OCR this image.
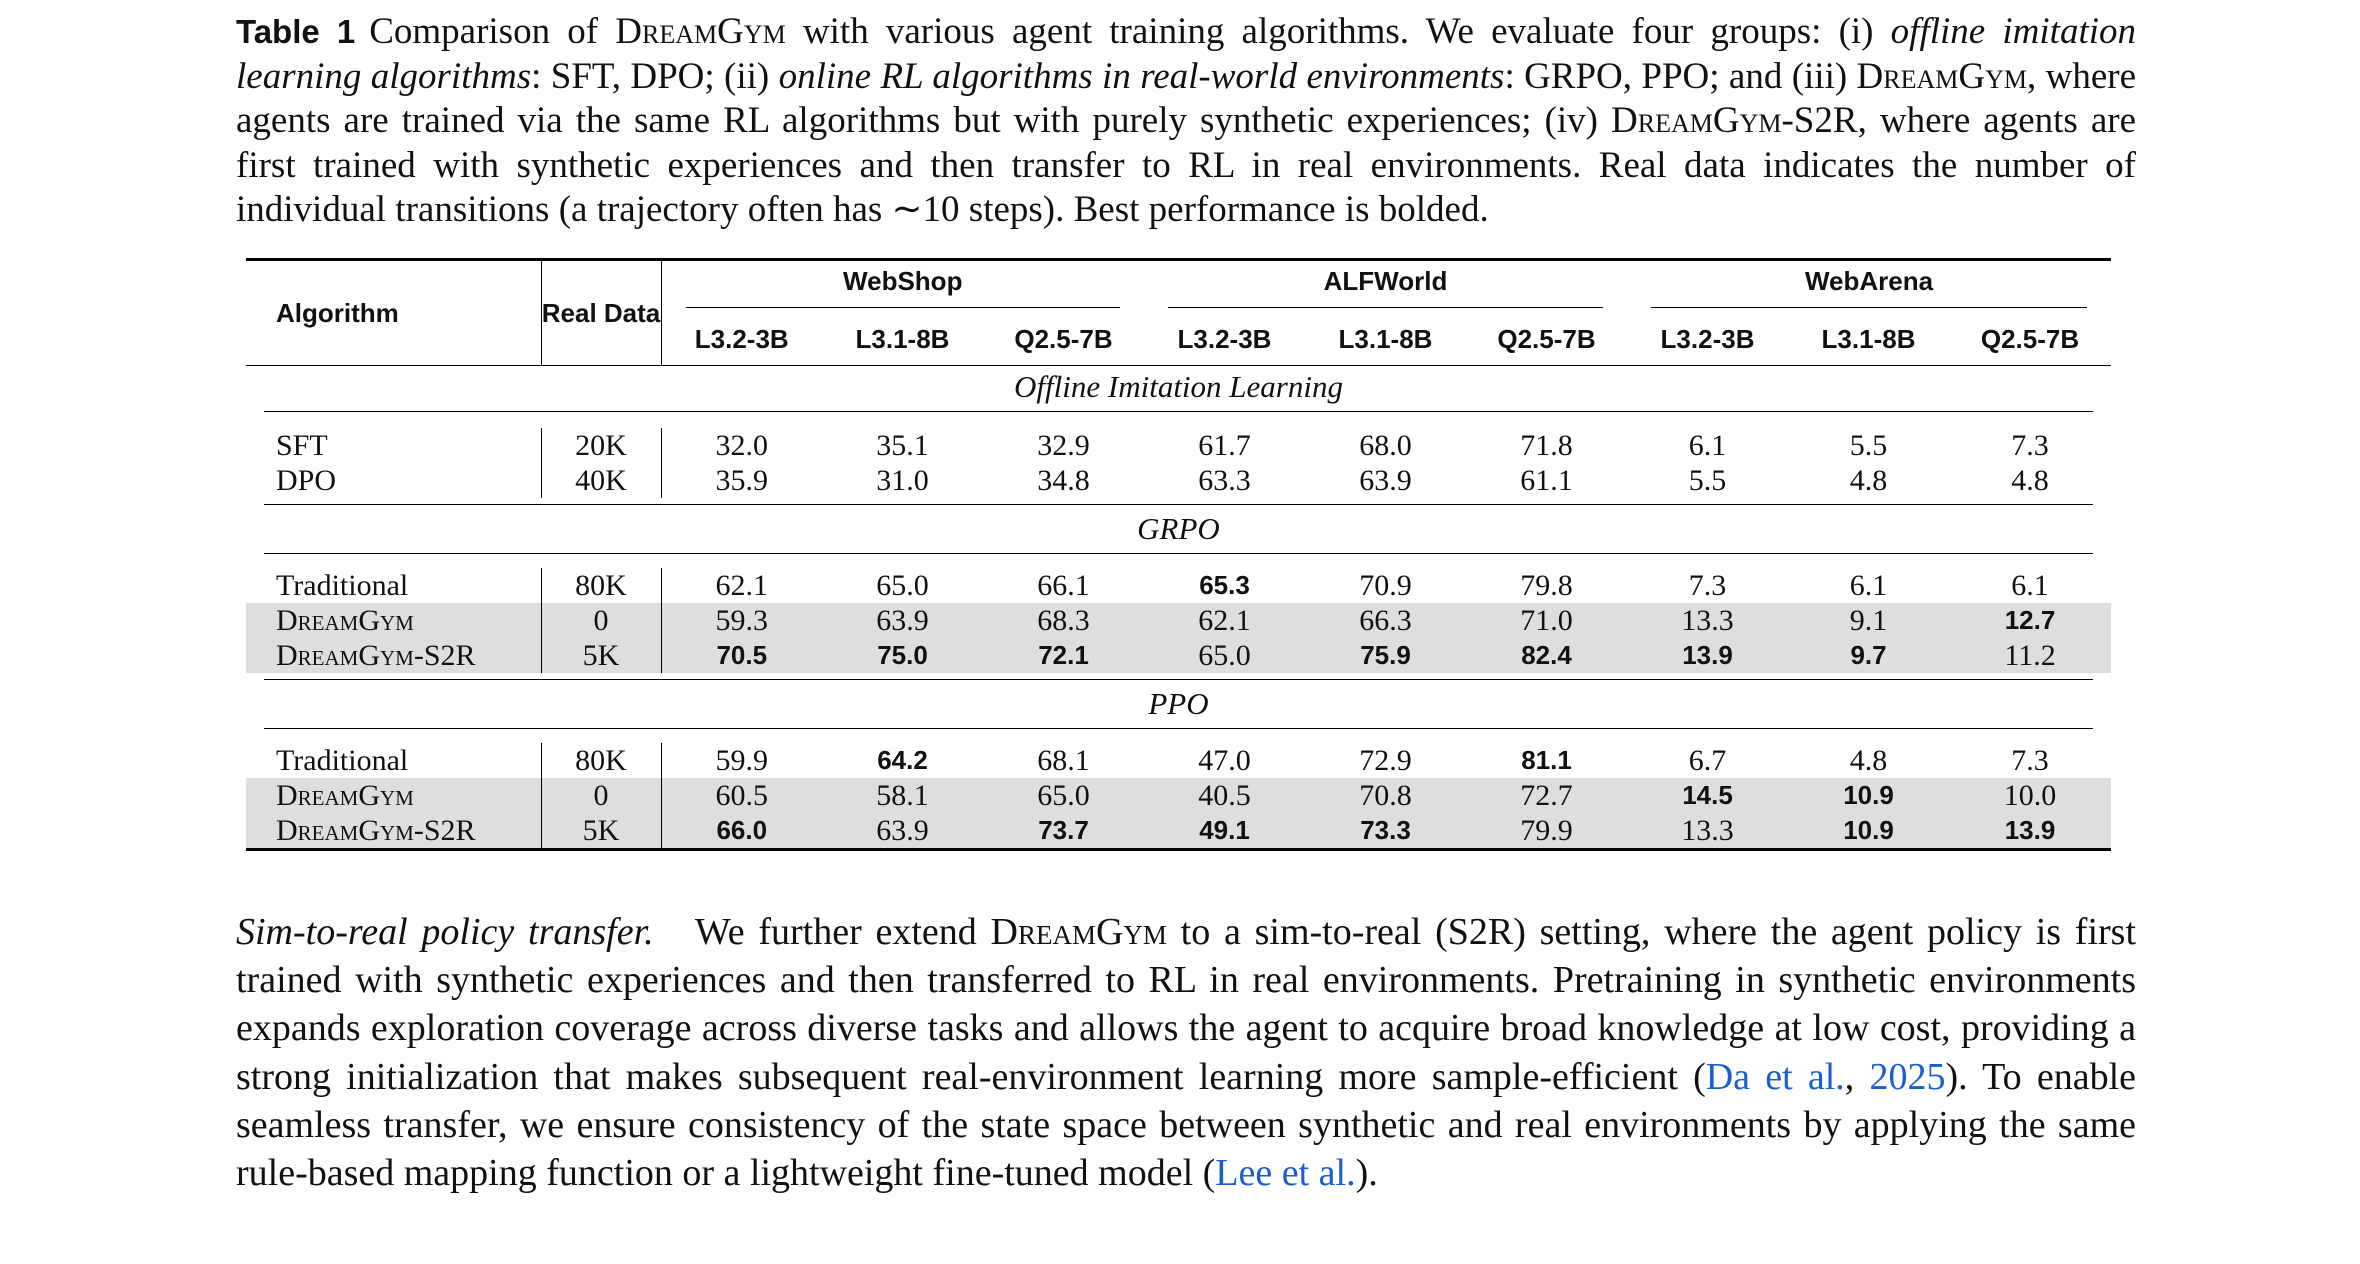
Table 1 Comparison of DreamGym with various agent training algorithms. We evaluate four groups: (i) offline imitation learning algorithms: SFT, DPO; (ii) online RL algorithms in real-world environments: GRPO, PPO; and (iii) DreamGym, where agents are trained via the same RL algorithms but with purely synthetic experiences; (iv) DreamGym-S2R, where agents are first trained with synthetic experiences and then transfer to RL in real environments. Real data indicates the number of individual transitions (a trajectory often has ∼10 steps). Best performance is bolded.
Algorithm	Real Data	WebShop			ALFWorld			WebArena		

		L3.2-3B	L3.1-8B	Q2.5-7B	L3.2-3B	L3.1-8B	Q2.5-7B	L3.2-3B	L3.1-8B	Q2.5-7B

Offline Imitation Learning										

SFT	20K	32.0	35.1	32.9	61.7	68.0	71.8	6.1	5.5	7.3
DPO	40K	35.9	31.0	34.8	63.3	63.9	61.1	5.5	4.8	4.8

GRPO										

Traditional	80K	62.1	65.0	66.1	65.3	70.9	79.8	7.3	6.1	6.1
DreamGym	0	59.3	63.9	68.3	62.1	66.3	71.0	13.3	9.1	12.7
DreamGym-S2R	5K	70.5	75.0	72.1	65.0	75.9	82.4	13.9	9.7	11.2

PPO										

Traditional	80K	59.9	64.2	68.1	47.0	72.9	81.1	6.7	4.8	7.3
DreamGym	0	60.5	58.1	65.0	40.5	70.8	72.7	14.5	10.9	10.0
DreamGym-S2R	5K	66.0	63.9	73.7	49.1	73.3	79.9	13.3	10.9	13.9
Sim-to-real policy transfer. We further extend DreamGym to a sim-to-real (S2R) setting, where the agent policy is first trained with synthetic experiences and then transferred to RL in real environments. Pretraining in synthetic environments expands exploration coverage across diverse tasks and allows the agent to acquire broad knowledge at low cost, providing a strong initialization that makes subsequent real-environment learning more sample-efficient (Da et al., 2025). To enable seamless transfer, we ensure consistency of the state space between synthetic and real environments by applying the same rule-based mapping function or a lightweight fine-tuned model (Lee et al.).
